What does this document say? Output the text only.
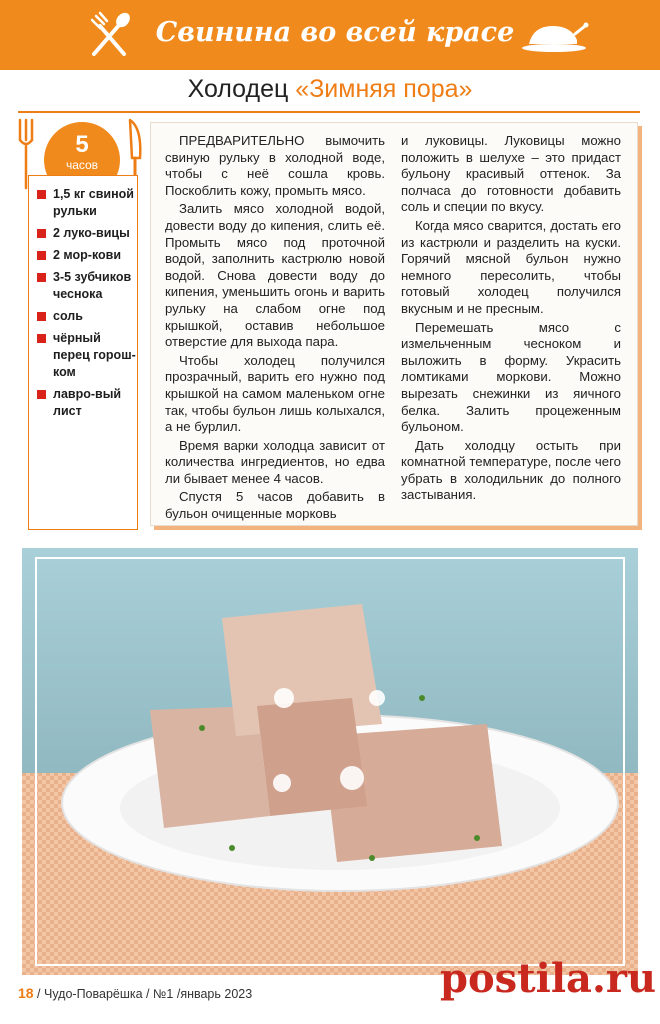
Свинина во всей красе
Холодец «Зимняя пора»
5
часов
1,5 кг свиной рульки
2 луко-вицы
2 мор-кови
3-5 зубчиков чеснока
соль
чёрный перец горош-ком
лавро-вый лист

ПРЕДВАРИТЕЛЬНО вымочить свиную рульку в холодной воде, чтобы с неё сошла кровь. Поскоблить кожу, промыть мясо.

Залить мясо холодной водой, довести воду до кипения, слить её. Промыть мясо под проточной водой, заполнить кастрюлю новой водой. Снова довести воду до кипения, уменьшить огонь и варить рульку на слабом огне под крышкой, оставив небольшое отверстие для выхода пара.

Чтобы холодец получился прозрачный, варить его нужно под крышкой на самом маленьком огне так, чтобы бульон лишь колыхался, а не бурлил.

Время варки холодца зависит от количества ингредиентов, но едва ли бывает менее 4 часов.

Спустя 5 часов добавить в бульон очищенные морковь

и луковицы. Луковицы можно положить в шелухе – это придаст бульону красивый оттенок. За полчаса до готовности добавить соль и специи по вкусу.

Когда мясо сварится, достать его из кастрюли и разделить на куски. Горячий мясной бульон нужно немного пересолить, чтобы готовый холодец получился вкусным и не пресным.

Перемешать мясо с измельченным чесноком и выложить в форму. Украсить ломтиками моркови. Можно вырезать снежинки из яичного белка. Залить процеженным бульоном.

Дать холодцу остыть при комнатной температуре, после чего убрать в холодильник до полного застывания.

18 / Чудо-Поварёшка / №1 /январь 2023	postila.ru
